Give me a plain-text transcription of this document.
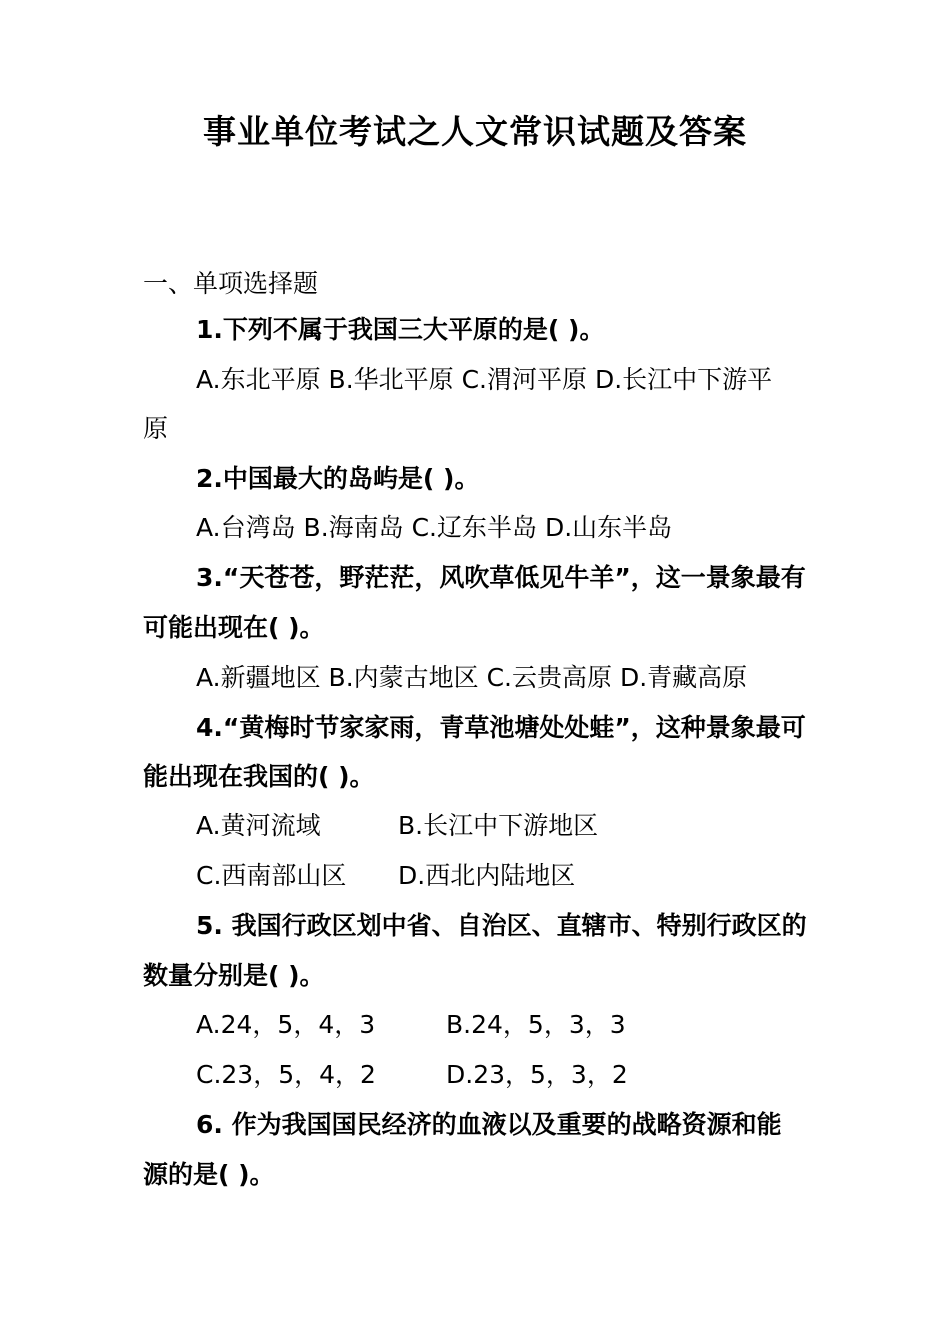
事业单位考试之人文常识试题及答案
一、单项选择题
1.下列不属于我国三大平原的是( )。
A.东北平原 B.华北平原 C.渭河平原 D.长江中下游平
原
2.中国最大的岛屿是( )。
A.台湾岛 B.海南岛 C.辽东半岛 D.山东半岛
3.“天苍苍，野茫茫，风吹草低见牛羊”，这一景象最有
可能出现在( )。
A.新疆地区 B.内蒙古地区 C.云贵高原 D.青藏高原
4.“黄梅时节家家雨，青草池塘处处蛙”，这种景象最可
能出现在我国的( )。
A.黄河流域	B.长江中下游地区
C.西南部山区 D.西北内陆地区
5. 我国行政区划中省、自治区、直辖市、特别行政区的
数量分别是( )。
A.24，5，4，3	B.24，5，3，3
C.23，5，4，2	D.23，5，3，2
6. 作为我国国民经济的血液以及重要的战略资源和能
源的是( )。
